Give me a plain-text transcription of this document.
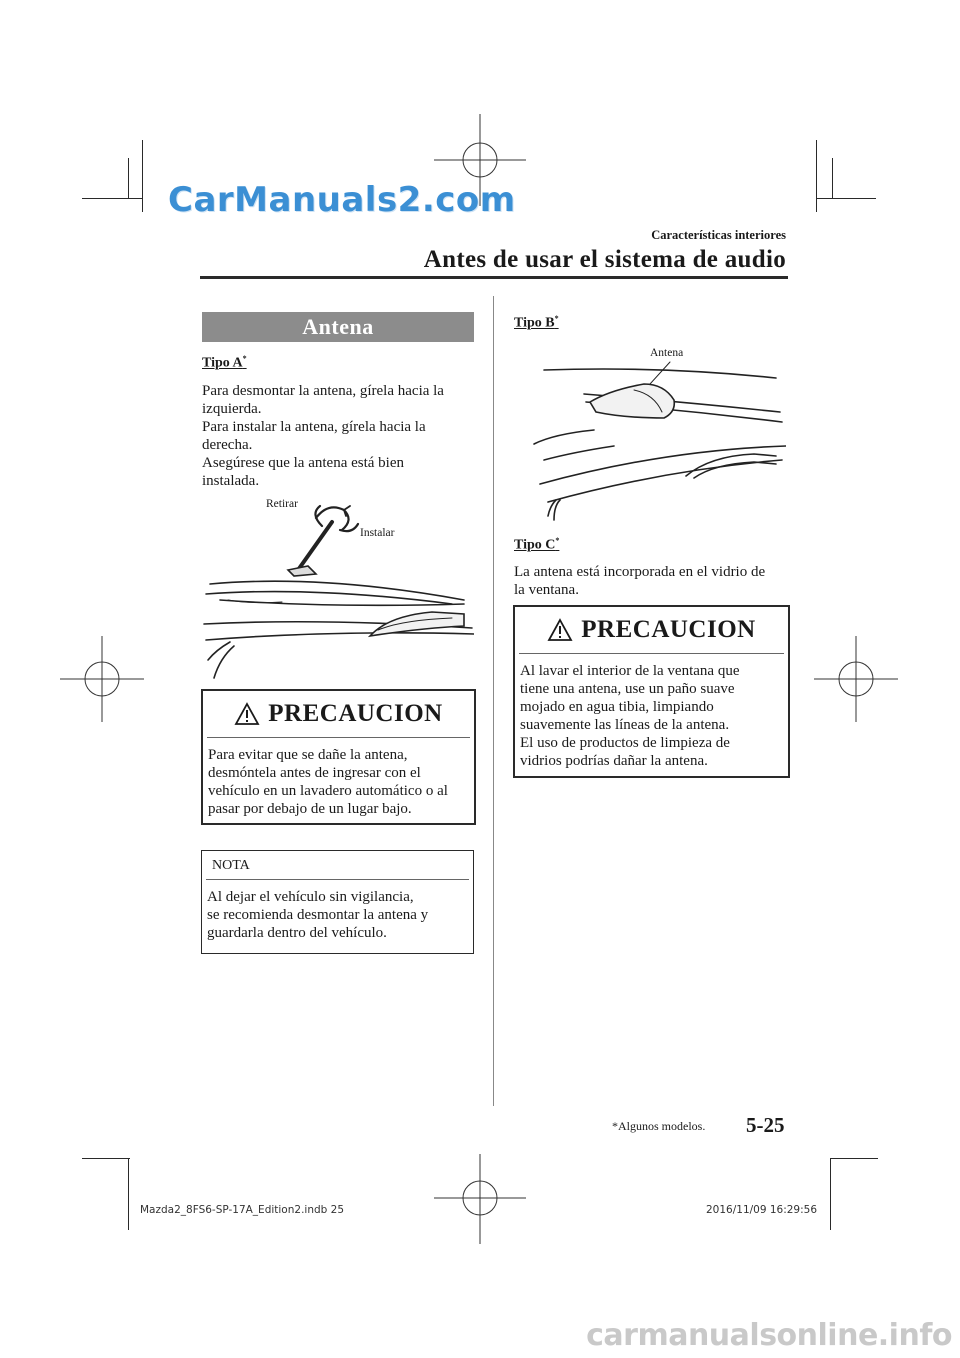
CarManuals2.com
Características interiores
Antes de usar el sistema de audio
Antena
Tipo A*
Para desmontar la antena, gírela hacia la
izquierda.
Para instalar la antena, gírela hacia la
derecha.
Asegúrese que la antena está bien
instalada.
Retirar
Instalar
PRECAUCION
Para evitar que se dañe la antena,
desmóntela antes de ingresar con el
vehículo en un lavadero automático o al
pasar por debajo de un lugar bajo.
NOTA
Al dejar el vehículo sin vigilancia,
se recomienda desmontar la antena y
guardarla dentro del vehículo.
Tipo B*
Antena
Tipo C*
La antena está incorporada en el vidrio de
la ventana.
PRECAUCION
Al lavar el interior de la ventana que
tiene una antena, use un paño suave
mojado en agua tibia, limpiando
suavemente las líneas de la antena.
El uso de productos de limpieza de
vidrios podrías dañar la antena.
*Algunos modelos. 5-25
Mazda2_8FS6-SP-17A_Edition2.indb 25	2016/11/09 16:29:56
carmanualsonline.info
